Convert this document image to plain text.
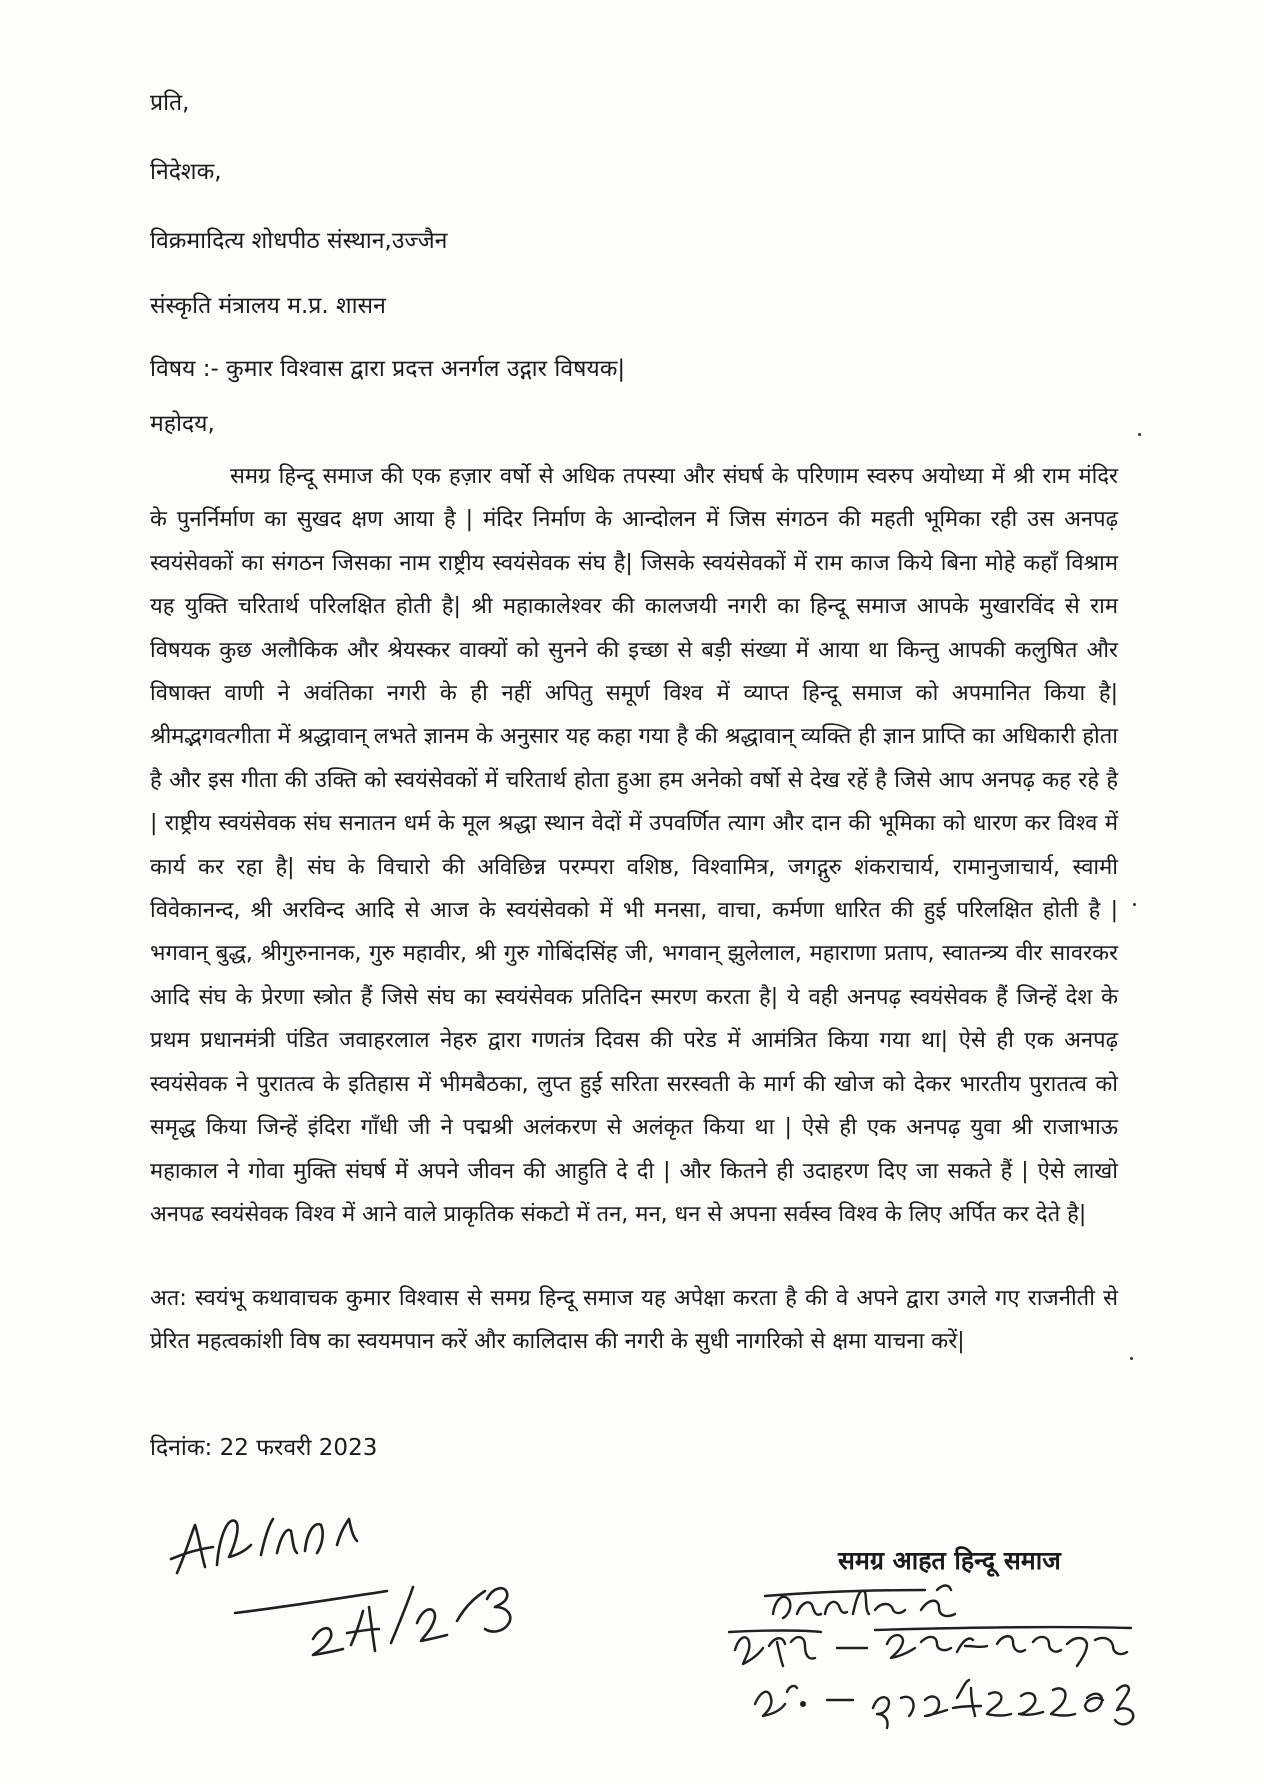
प्रति,
निदेशक,
विक्रमादित्य शोधपीठ संस्थान,उज्जैन
संस्कृति मंत्रालय म.प्र. शासन
विषय :- कुमार विश्वास द्वारा प्रदत्त अनर्गल उद्गार विषयक|
महोदय,

समग्र हिन्दू समाज की एक हज़ार वर्षो से अधिक तपस्या और संघर्ष के परिणाम स्वरुप अयोध्या में श्री राम मंदिर के पुनर्निर्माण का सुखद क्षण आया है | मंदिर निर्माण के आन्दोलन में जिस संगठन की महती भूमिका रही उस अनपढ़ स्वयंसेवकों का संगठन जिसका नाम राष्ट्रीय स्वयंसेवक संघ है| जिसके स्वयंसेवकों में राम काज किये बिना मोहे कहाँ विश्राम यह युक्ति चरितार्थ परिलक्षित होती है| श्री महाकालेश्वर की कालजयी नगरी का हिन्दू समाज आपके मुखारविंद से राम विषयक कुछ अलौकिक और श्रेयस्कर वाक्यों को सुनने की इच्छा से बड़ी संख्या में आया था किन्तु आपकी कलुषित और विषाक्त वाणी ने अवंतिका नगरी के ही नहीं अपितु समूर्ण विश्व में व्याप्त हिन्दू समाज को अपमानित किया है| श्रीमद्भगवत्गीता में श्रद्धावान् लभते ज्ञानम के अनुसार यह कहा गया है की श्रद्धावान् व्यक्ति ही ज्ञान प्राप्ति का अधिकारी होता है और इस गीता की उक्ति को स्वयंसेवकों में चरितार्थ होता हुआ हम अनेको वर्षो से देख रहें है जिसे आप अनपढ़ कह रहे है | राष्ट्रीय स्वयंसेवक संघ सनातन धर्म के मूल श्रद्धा स्थान वेदों में उपवर्णित त्याग और दान की भूमिका को धारण कर विश्व में कार्य कर रहा है| संघ के विचारो की अविछिन्न परम्परा वशिष्ठ, विश्वामित्र, जगद्गुरु शंकराचार्य, रामानुजाचार्य, स्वामी विवेकानन्द, श्री अरविन्द आदि से आज के स्वयंसेवको में भी मनसा, वाचा, कर्मणा धारित की हुई परिलक्षित होती है | भगवान् बुद्ध, श्रीगुरुनानक, गुरु महावीर, श्री गुरु गोबिंदसिंह जी, भगवान् झुलेलाल, महाराणा प्रताप, स्वातन्त्र्य वीर सावरकर आदि संघ के प्रेरणा स्त्रोत हैं जिसे संघ का स्वयंसेवक प्रतिदिन स्मरण करता है| ये वही अनपढ़ स्वयंसेवक हैं जिन्हें देश के प्रथम प्रधानमंत्री पंडित जवाहरलाल नेहरु द्वारा गणतंत्र दिवस की परेड में आमंत्रित किया गया था| ऐसे ही एक अनपढ़ स्वयंसेवक ने पुरातत्व के इतिहास में भीमबैठका, लुप्त हुई सरिता सरस्वती के मार्ग की खोज को देकर भारतीय पुरातत्व को समृद्ध किया जिन्हें इंदिरा गाँधी जी ने पद्मश्री अलंकरण से अलंकृत किया था | ऐसे ही एक अनपढ़ युवा श्री राजाभाऊ महाकाल ने गोवा मुक्ति संघर्ष में अपने जीवन की आहुति दे दी | और कितने ही उदाहरण दिए जा सकते हैं | ऐसे लाखो अनपढ स्वयंसेवक विश्व में आने वाले प्राकृतिक संकटो में तन, मन, धन से अपना सर्वस्व विश्व के लिए अर्पित कर देते है|

अत: स्वयंभू कथावाचक कुमार विश्वास से समग्र हिन्दू समाज यह अपेक्षा करता है की वे अपने द्वारा उगले गए राजनीती से प्रेरित महत्वकांशी विष का स्वयमपान करें और कालिदास की नगरी के सुधी नागरिको से क्षमा याचना करें|

दिनांक: 22 फरवरी 2023
समग्र आहत हिन्दू समाज
